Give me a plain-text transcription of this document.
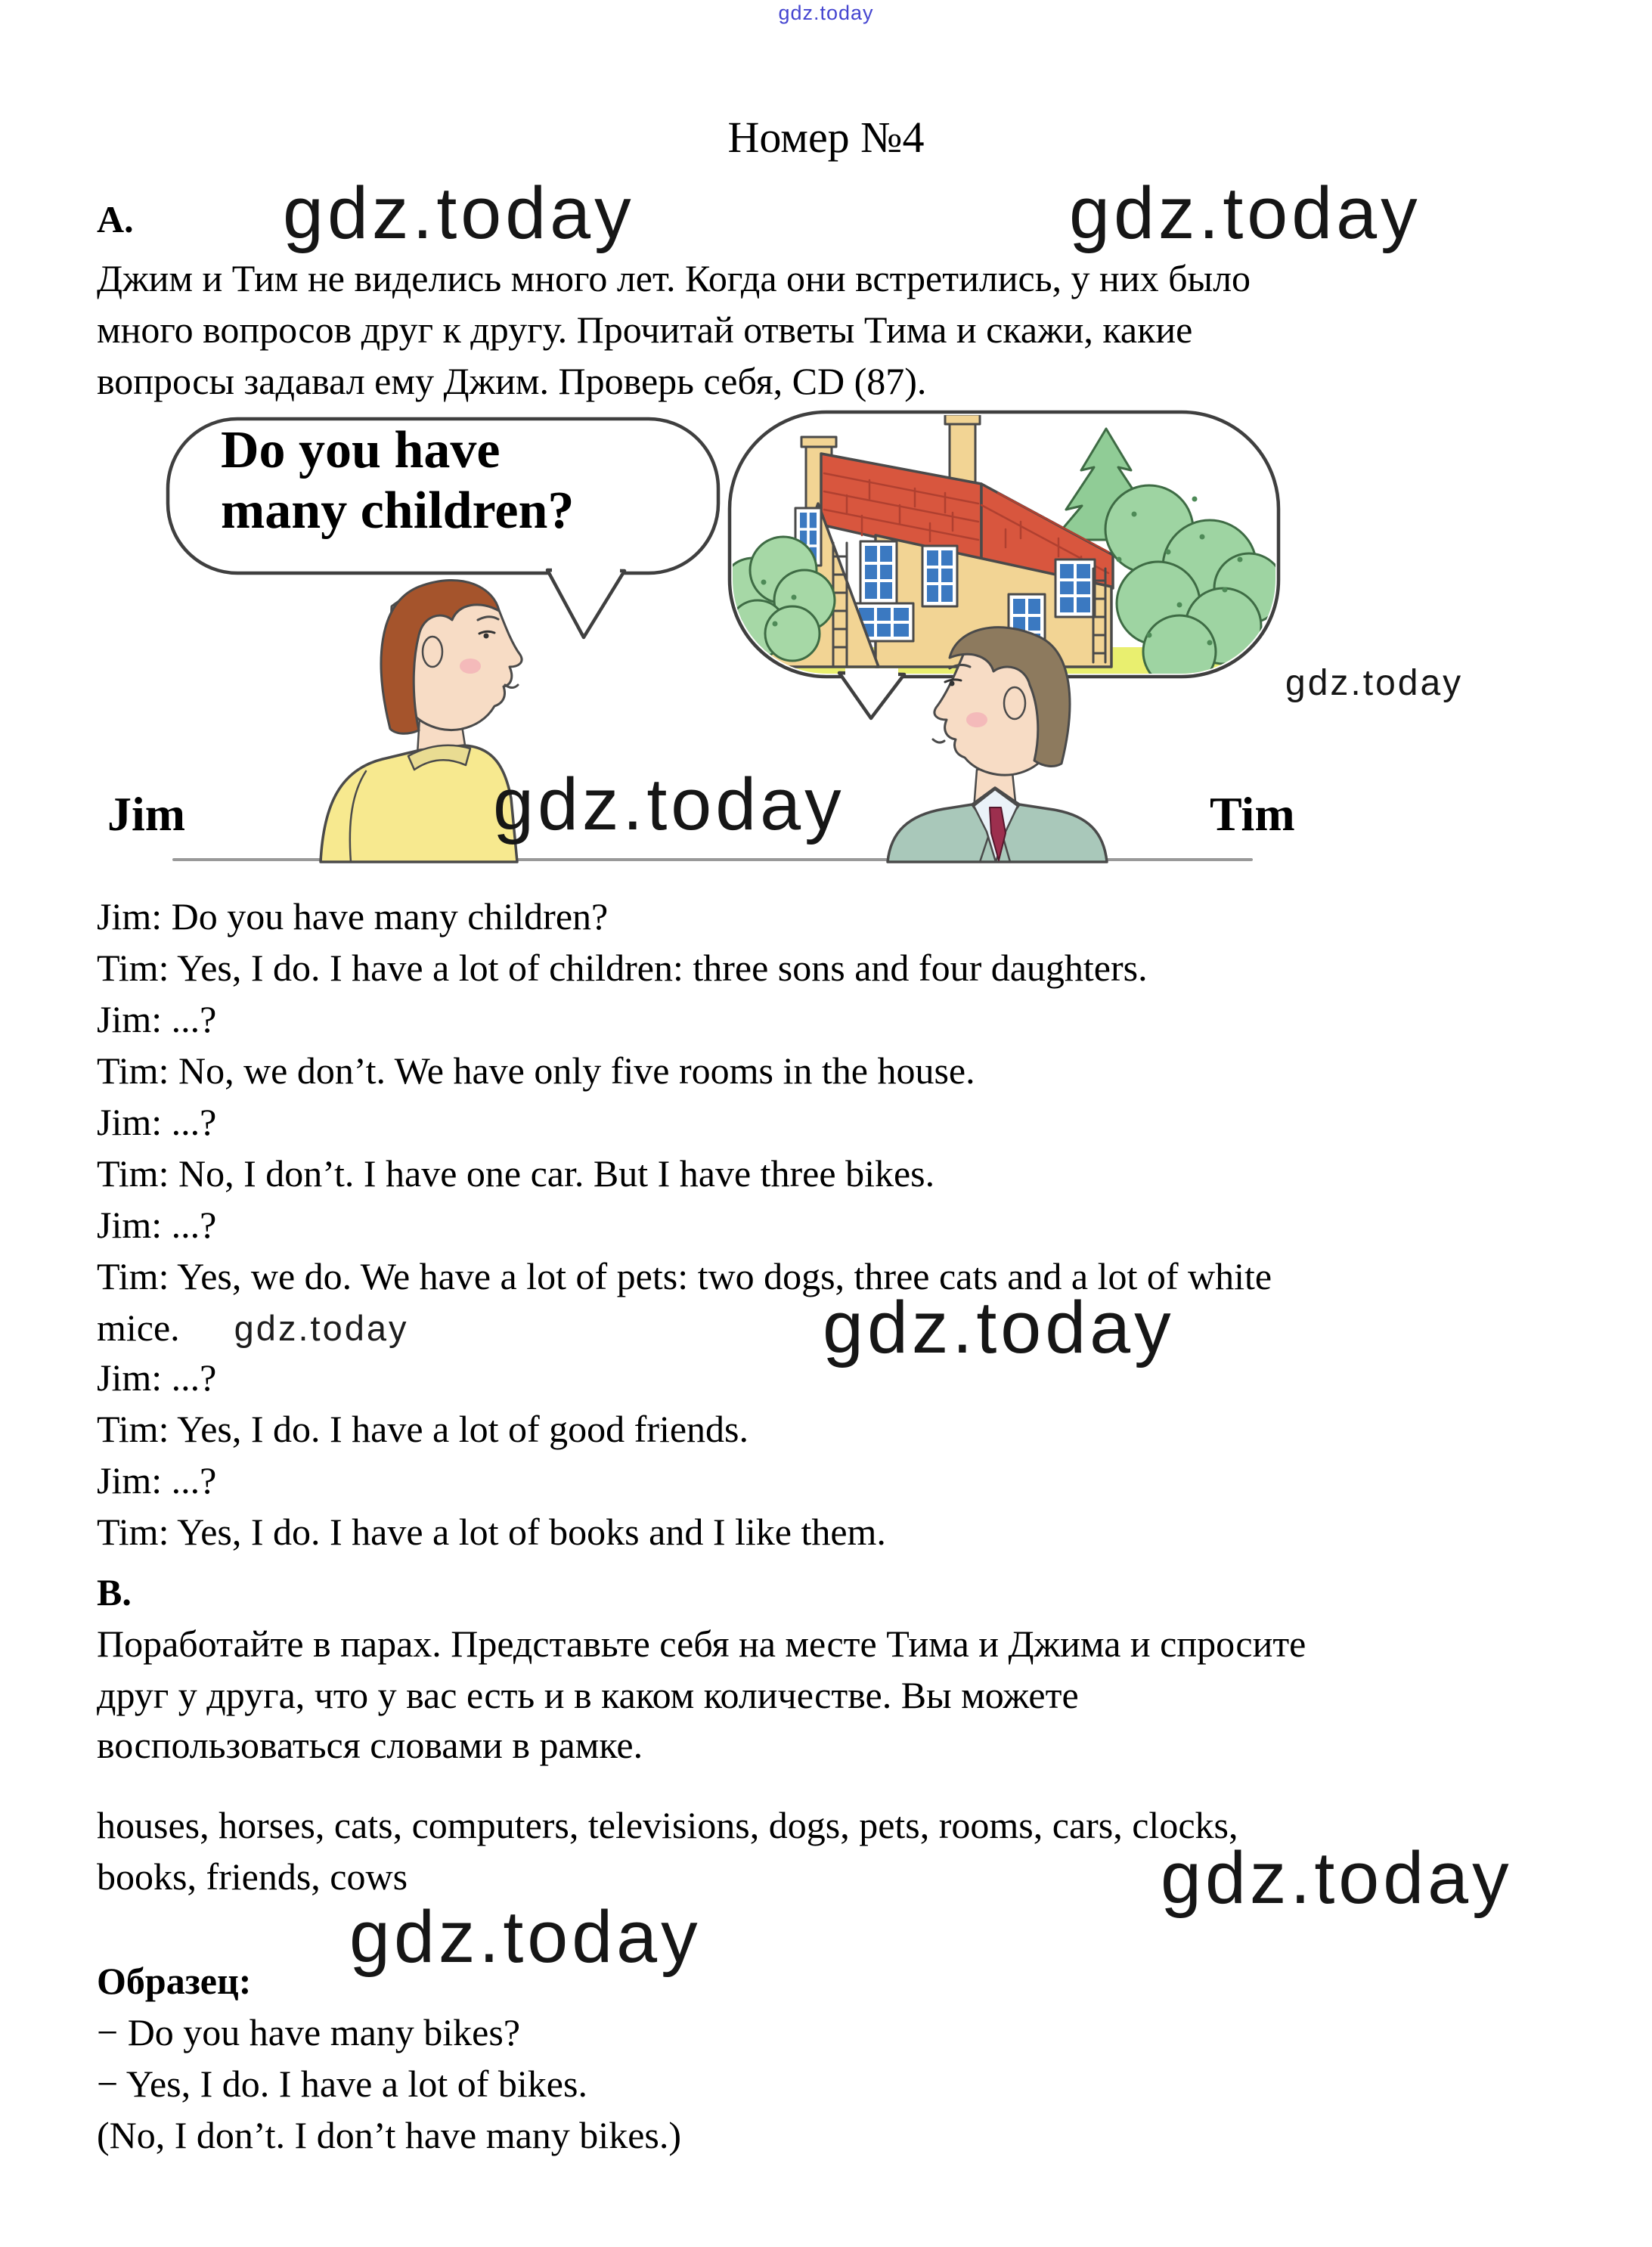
gdz.today
Номер №4
A. gdz.today	gdz.today
Джим и Тим не виделись много лет. Когда они встретились, у них было
много вопросов друг к другу. Прочитай ответы Тима и скажи, какие
вопросы задавал ему Джим. Проверь себя, CD (87).
Do you have
many children?
gdz.today
gdz.today
Jim	Tim
Jim: Do you have many children?
Tim: Yes, I do. I have a lot of children: three sons and four daughters.
Jim: ...?
Tim: No, we don’t. We have only five rooms in the house.
Jim: ...?
Tim: No, I don’t. I have one car. But I have three bikes.
Jim: ...?
Tim: Yes, we do. We have a lot of pets: two dogs, three cats and a lot of white
mice. gdz.today	gdz.today
Jim: ...?
Tim: Yes, I do. I have a lot of good friends.
Jim: ...?
Tim: Yes, I do. I have a lot of books and I like them.
B.
Поработайте в парах. Представьте себя на месте Тима и Джима и спросите
друг у друга, что у вас есть и в каком количестве. Вы можете
воспользоваться словами в рамке.
houses, horses, cats, computers, televisions, dogs, pets, rooms, cars, clocks,
books, friends, cows	gdz.today
gdz.today
Образец:
− Do you have many bikes?
− Yes, I do. I have a lot of bikes.
(No, I don’t. I don’t have many bikes.)
